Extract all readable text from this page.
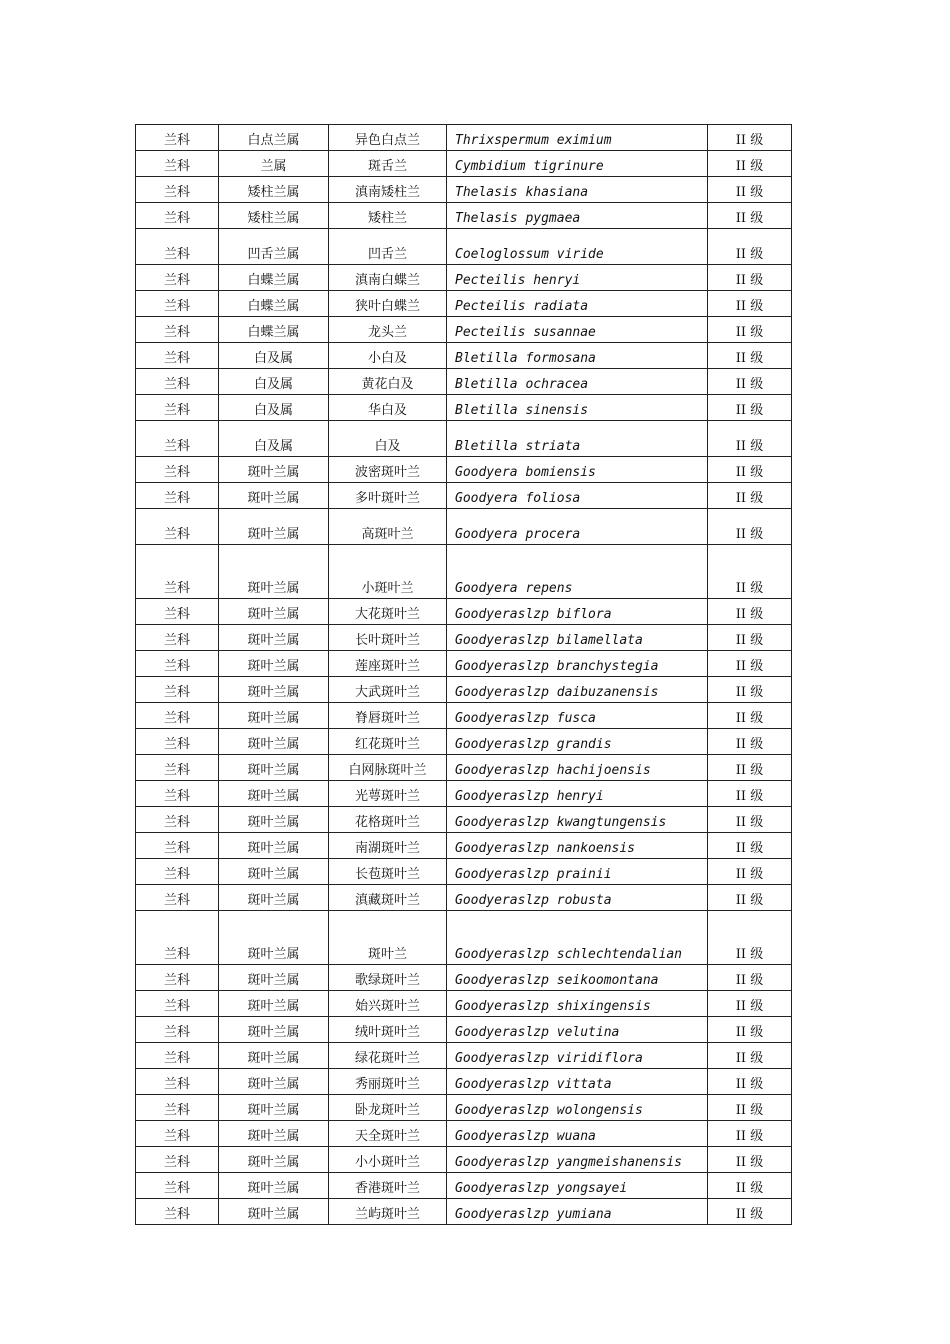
兰科	白点兰属	异色白点兰	Thrixspermum eximium	II 级
兰科	兰属	斑舌兰	Cymbidium tigrinure	II 级
兰科	矮柱兰属	滇南矮柱兰	Thelasis khasiana	II 级
兰科	矮柱兰属	矮柱兰	Thelasis pygmaea	II 级
兰科	凹舌兰属	凹舌兰	Coeloglossum viride	II 级
兰科	白蝶兰属	滇南白蝶兰	Pecteilis henryi	II 级
兰科	白蝶兰属	狭叶白蝶兰	Pecteilis radiata	II 级
兰科	白蝶兰属	龙头兰	Pecteilis susannae	II 级
兰科	白及属	小白及	Bletilla formosana	II 级
兰科	白及属	黄花白及	Bletilla ochracea	II 级
兰科	白及属	华白及	Bletilla sinensis	II 级
兰科	白及属	白及	Bletilla striata	II 级
兰科	斑叶兰属	波密斑叶兰	Goodyera bomiensis	II 级
兰科	斑叶兰属	多叶斑叶兰	Goodyera foliosa	II 级
兰科	斑叶兰属	高斑叶兰	Goodyera procera	II 级
兰科	斑叶兰属	小斑叶兰	Goodyera repens	II 级
兰科	斑叶兰属	大花斑叶兰	Goodyeraslzp biflora	II 级
兰科	斑叶兰属	长叶斑叶兰	Goodyeraslzp bilamellata	II 级
兰科	斑叶兰属	莲座斑叶兰	Goodyeraslzp branchystegia	II 级
兰科	斑叶兰属	大武斑叶兰	Goodyeraslzp daibuzanensis	II 级
兰科	斑叶兰属	脊唇斑叶兰	Goodyeraslzp fusca	II 级
兰科	斑叶兰属	红花斑叶兰	Goodyeraslzp grandis	II 级
兰科	斑叶兰属	白网脉斑叶兰	Goodyeraslzp hachijoensis	II 级
兰科	斑叶兰属	光萼斑叶兰	Goodyeraslzp henryi	II 级
兰科	斑叶兰属	花格斑叶兰	Goodyeraslzp kwangtungensis	II 级
兰科	斑叶兰属	南湖斑叶兰	Goodyeraslzp nankoensis	II 级
兰科	斑叶兰属	长苞斑叶兰	Goodyeraslzp prainii	II 级
兰科	斑叶兰属	滇藏斑叶兰	Goodyeraslzp robusta	II 级
兰科	斑叶兰属	斑叶兰	Goodyeraslzp schlechtendalian	II 级
兰科	斑叶兰属	歌绿斑叶兰	Goodyeraslzp seikoomontana	II 级
兰科	斑叶兰属	始兴斑叶兰	Goodyeraslzp shixingensis	II 级
兰科	斑叶兰属	绒叶斑叶兰	Goodyeraslzp velutina	II 级
兰科	斑叶兰属	绿花斑叶兰	Goodyeraslzp viridiflora	II 级
兰科	斑叶兰属	秀丽斑叶兰	Goodyeraslzp vittata	II 级
兰科	斑叶兰属	卧龙斑叶兰	Goodyeraslzp wolongensis	II 级
兰科	斑叶兰属	天全斑叶兰	Goodyeraslzp wuana	II 级
兰科	斑叶兰属	小小斑叶兰	Goodyeraslzp yangmeishanensis	II 级
兰科	斑叶兰属	香港斑叶兰	Goodyeraslzp yongsayei	II 级
兰科	斑叶兰属	兰屿斑叶兰	Goodyeraslzp yumiana	II 级
